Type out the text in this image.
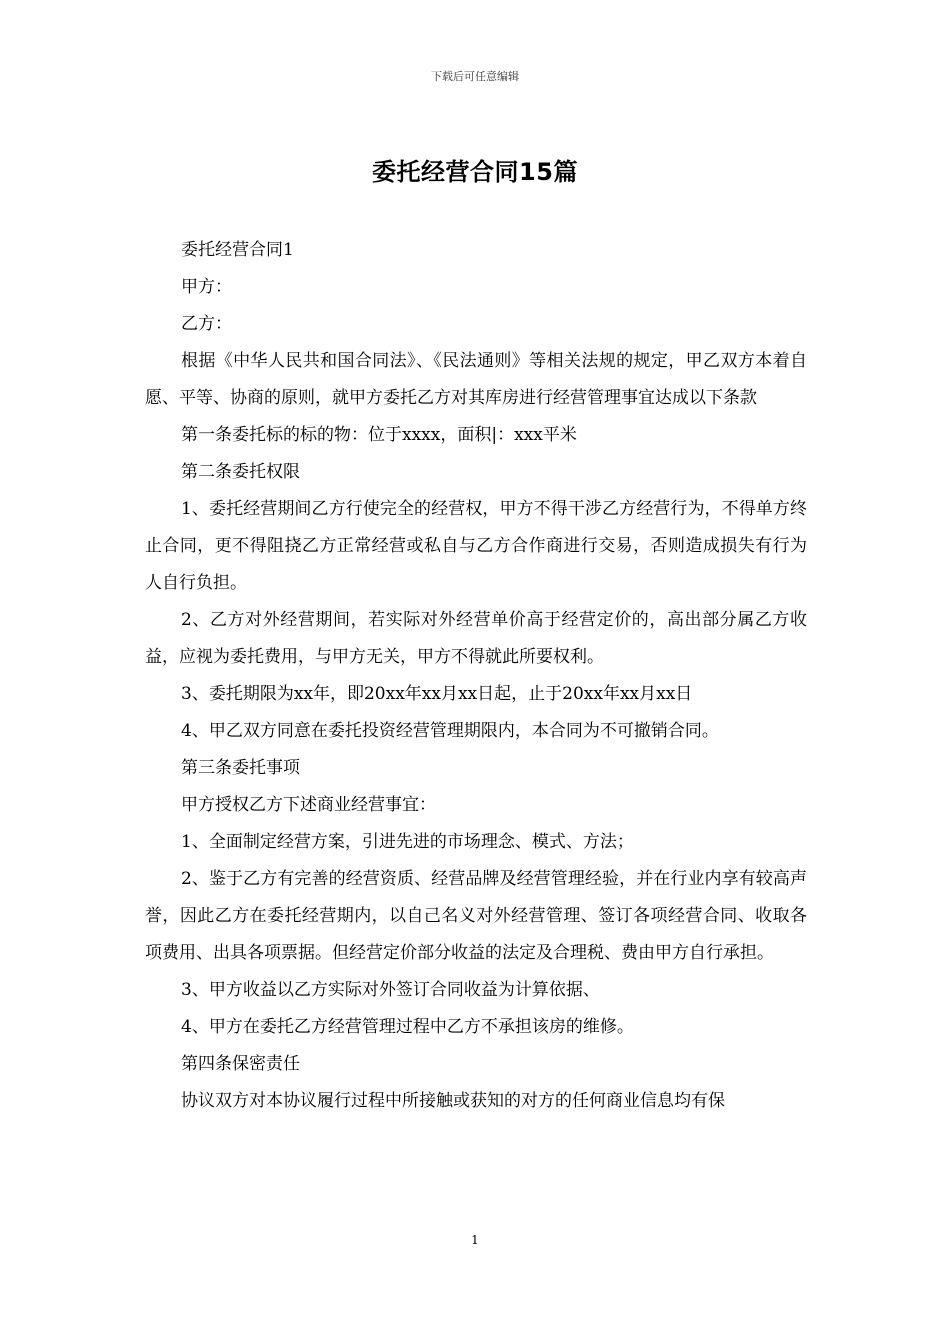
下载后可任意编辑
委托经营合同15篇

委托经营合同1

甲方：

乙方：

根据《中华人民共和国合同法》、《民法通则》等相关法规的规定，甲乙双方本着自愿、平等、协商的原则，就甲方委托乙方对其库房进行经营管理事宜达成以下条款

第一条委托标的标的物：位于xxxx，面积|：xxx平米

第二条委托权限

1、委托经营期间乙方行使完全的经营权，甲方不得干涉乙方经营行为，不得单方终止合同，更不得阻挠乙方正常经营或私自与乙方合作商进行交易，否则造成损失有行为人自行负担。

2、乙方对外经营期间，若实际对外经营单价高于经营定价的，高出部分属乙方收益，应视为委托费用，与甲方无关，甲方不得就此所要权利。

3、委托期限为xx年，即20xx年xx月xx日起，止于20xx年xx月xx日

4、甲乙双方同意在委托投资经营管理期限内，本合同为不可撤销合同。

第三条委托事项

甲方授权乙方下述商业经营事宜：

1、全面制定经营方案，引进先进的市场理念、模式、方法；

2、鉴于乙方有完善的经营资质、经营品牌及经营管理经验，并在行业内享有较高声誉，因此乙方在委托经营期内，以自己名义对外经营管理、签订各项经营合同、收取各项费用、出具各项票据。但经营定价部分收益的法定及合理税、费由甲方自行承担。

3、甲方收益以乙方实际对外签订合同收益为计算依据、

4、甲方在委托乙方经营管理过程中乙方不承担该房的维修。

第四条保密责任

协议双方对本协议履行过程中所接触或获知的对方的任何商业信息均有保

1
